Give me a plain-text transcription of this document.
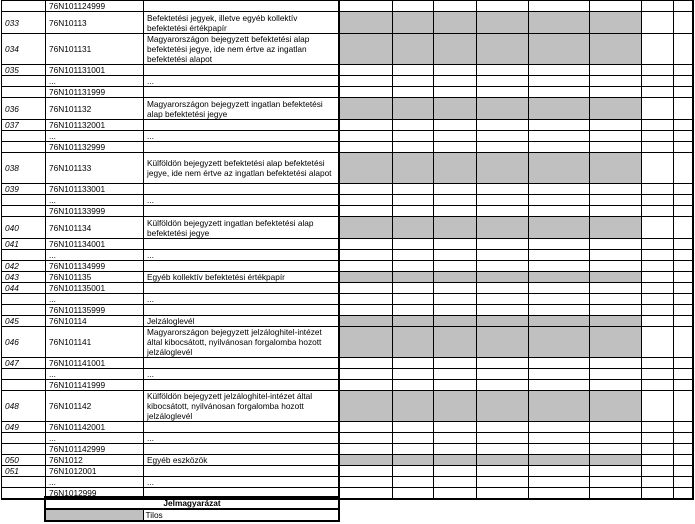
	76N101124999										
033	76N10113	Befektetési jegyek, illetve egyéb kollektív befektetési értékpapír									
034	76N101131	Magyarországon bejegyzett befektetési alap befektetési jegye, ide nem értve az ingatlan befektetési alapot									
035	76N101131001										
	...	...									
	76N101131999										
036	76N101132	Magyarországon bejegyzett ingatlan befektetési alap befektetési jegye									
037	76N101132001										
	...	...									
	76N101132999										
038	76N101133	Külföldön bejegyzett befektetési alap befektetési jegye, ide nem értve az ingatlan befektetési alapot									
039	76N101133001										
	...	...									
	76N101133999										
040	76N101134	Külföldön bejegyzett ingatlan befektetési alap befektetési jegye									
041	76N101134001										
	...	...									
042	76N101134999										
043	76N101135	Egyéb kollektív befektetési értékpapír									
044	76N101135001										
	...	...									
	76N101135999										
045	76N10114	Jelzáloglevél									
046	76N101141	Magyarországon bejegyzett jelzáloghitel-intézet által kibocsátott, nyilvánosan forgalomba hozott jelzáloglevél									
047	76N101141001										
	...	...									
	76N101141999										
048	76N101142	Külföldön bejegyzett jelzáloghitel-intézet által kibocsátott, nyilvánosan forgalomba hozott jelzáloglevél									
049	76N101142001										
	...	...									
	76N101142999										
050	76N1012	Egyéb eszközök									
051	76N1012001										
	...	...									
	76N1012999										
Jelmagyarázat
	Tilos
